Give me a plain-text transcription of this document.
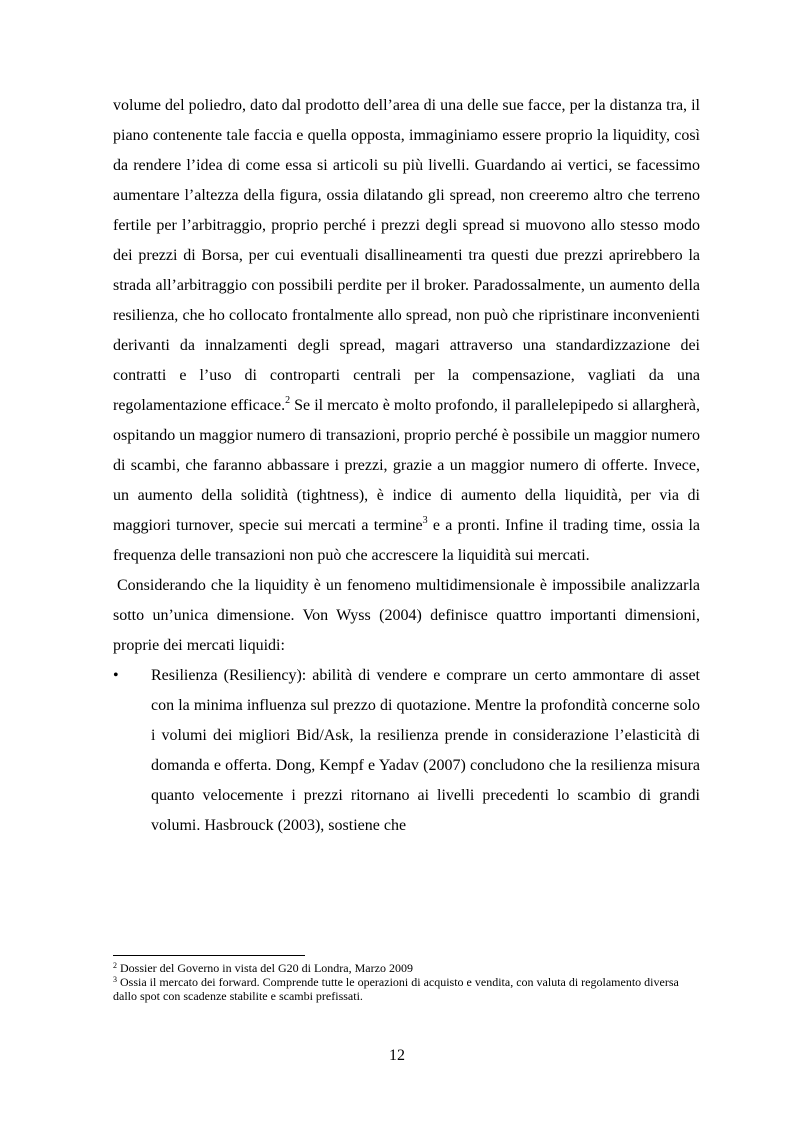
volume del poliedro, dato dal prodotto dell’area di una delle sue facce, per la distanza tra, il piano contenente tale faccia e quella opposta, immaginiamo essere proprio la liquidity, così da rendere l’idea di come essa si articoli su più livelli. Guardando ai vertici, se facessimo aumentare l’altezza della figura, ossia dilatando gli spread, non creeremo altro che terreno fertile per l’arbitraggio, proprio perché i prezzi degli spread si muovono allo stesso modo dei prezzi di Borsa, per cui eventuali disallineamenti tra questi due prezzi aprirebbero la strada all’arbitraggio con possibili perdite per il broker. Paradossalmente, un aumento della resilienza, che ho collocato frontalmente allo spread, non può che ripristinare inconvenienti derivanti da innalzamenti degli spread, magari attraverso una standardizzazione dei contratti e l’uso di controparti centrali per la compensazione, vagliati da una regolamentazione efficace.$^2$ Se il mercato è molto profondo, il parallelepipedo si allargherà, ospitando un maggior numero di transazioni, proprio perché è possibile un maggior numero di scambi, che faranno abbassare i prezzi, grazie a un maggior numero di offerte. Invece, un aumento della solidità (tightness), è indice di aumento della liquidità, per via di maggiori turnover, specie sui mercati a termine$^3$ e a pronti. Infine il trading time, ossia la frequenza delle transazioni non può che accrescere la liquidità sui mercati.

Considerando che la liquidity è un fenomeno multidimensionale è impossibile analizzarla sotto un’unica dimensione. Von Wyss (2004) definisce quattro importanti dimensioni, proprie dei mercati liquidi:

•	Resilienza (Resiliency): abilità di vendere e comprare un certo ammontare di asset con la minima influenza sul prezzo di quotazione. Mentre la profondità concerne solo i volumi dei migliori Bid/Ask, la resilienza prende in considerazione l’elasticità di domanda e offerta. Dong, Kempf e Yadav (2007) concludono che la resilienza misura quanto velocemente i prezzi ritornano ai livelli precedenti lo scambio di grandi volumi. Hasbrouck (2003), sostiene che

$^2$ Dossier del Governo in vista del G20 di Londra, Marzo 2009

$^3$ Ossia il mercato dei forward. Comprende tutte le operazioni di acquisto e vendita, con valuta di regolamento diversa dallo spot con scadenze stabilite e scambi prefissati.

12
